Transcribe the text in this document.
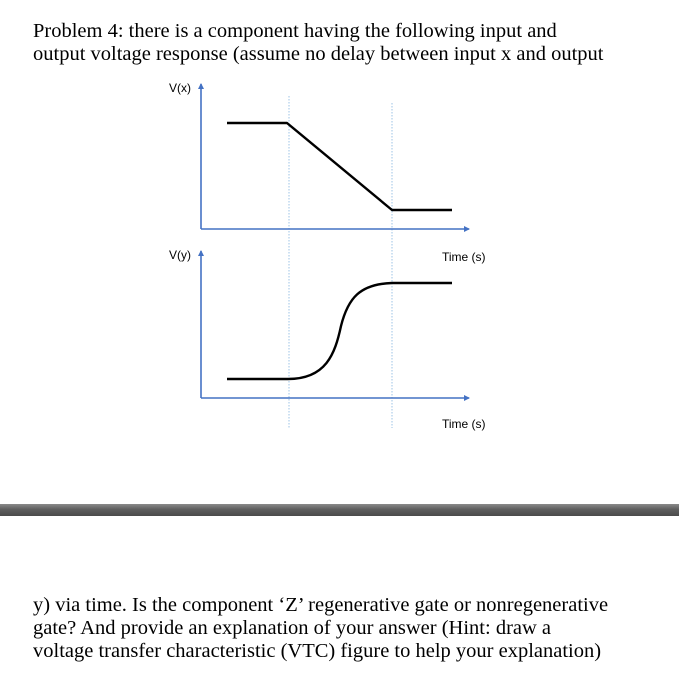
Problem 4: there is a component having the following input and
output voltage response (assume no delay between input x and output
V(x)
V(y)	Time (s)
Time (s)
y) via time. Is the component ‘Z’ regenerative gate or nonregenerative
gate? And provide an explanation of your answer (Hint: draw a
voltage transfer characteristic (VTC) figure to help your explanation)
